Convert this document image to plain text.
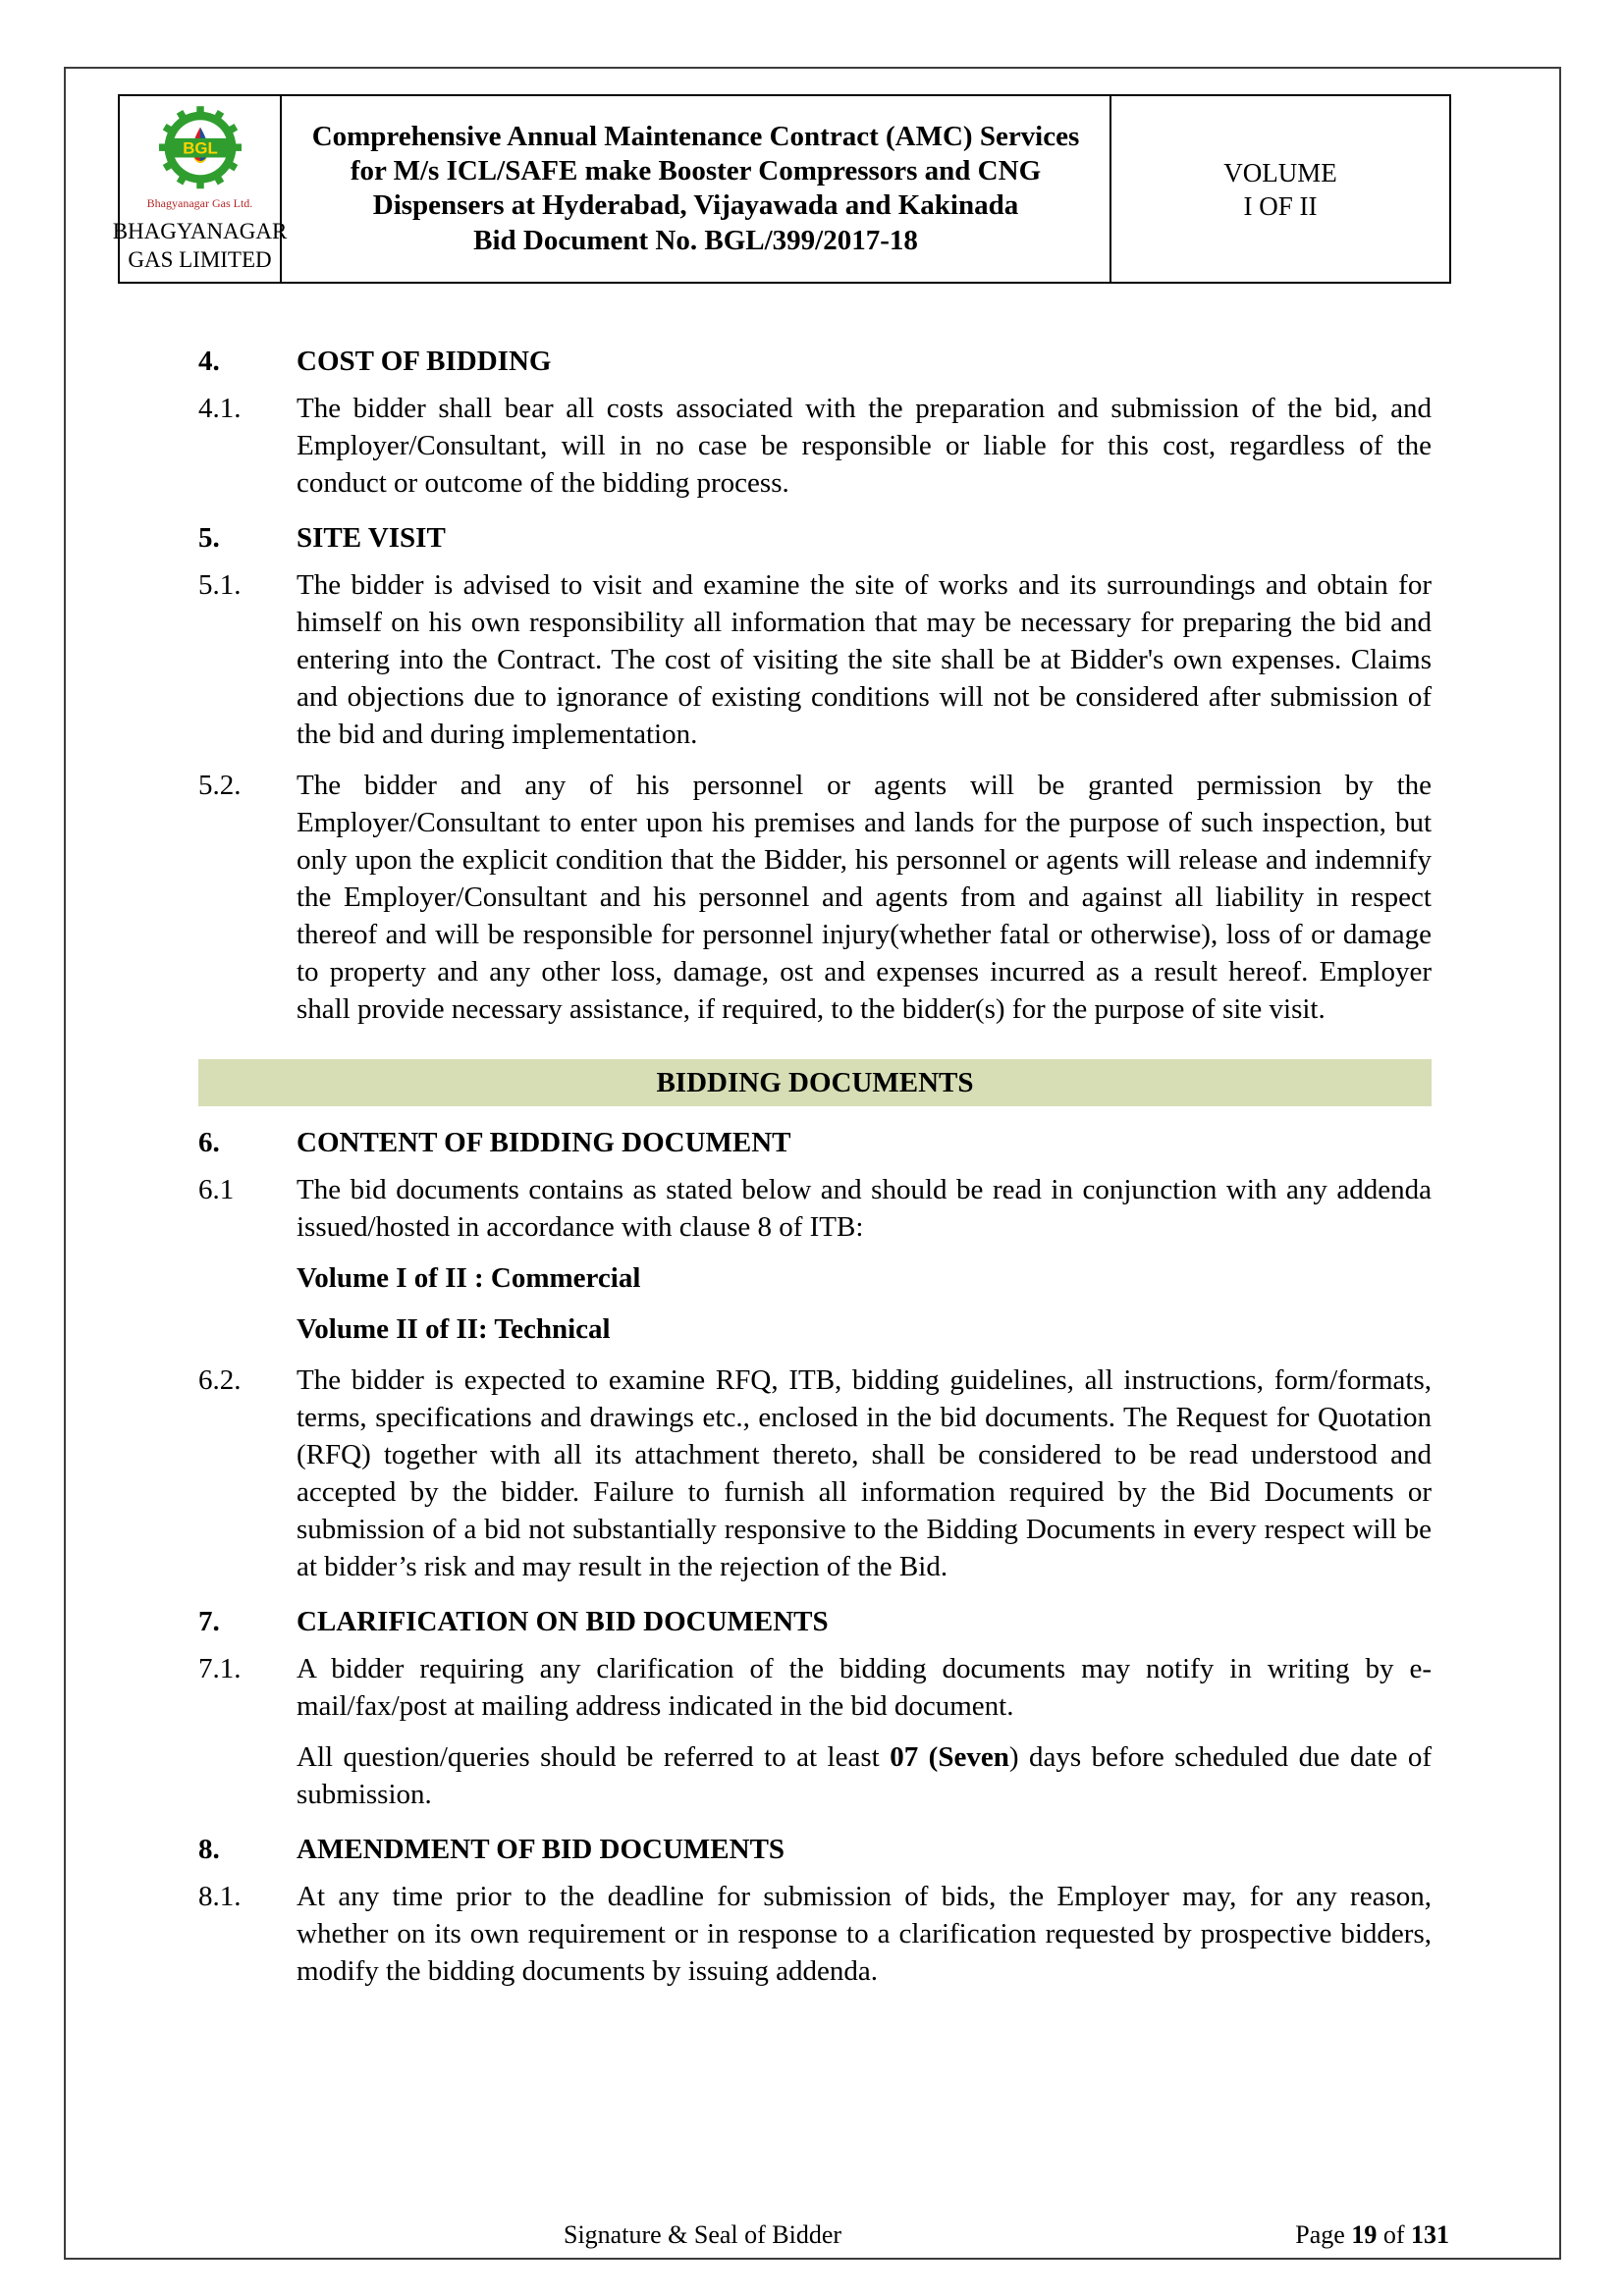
BGL
Bhagyanagar Gas Ltd.
BHAGYANAGAR
GAS LIMITED
Comprehensive Annual Maintenance Contract (AMC) Services for M/s ICL/SAFE make Booster Compressors and CNG Dispensers at Hyderabad, Vijayawada and Kakinada
Bid Document No. BGL/399/2017-18
VOLUME
I OF II
4.	COST OF BIDDING
4.1.	The bidder shall bear all costs associated with the preparation and submission of the bid, and Employer/Consultant, will in no case be responsible or liable for this cost, regardless of the conduct or outcome of the bidding process.
5.	SITE VISIT
5.1.	The bidder is advised to visit and examine the site of works and its surroundings and obtain for himself on his own responsibility all information that may be necessary for preparing the bid and entering into the Contract. The cost of visiting the site shall be at Bidder's own expenses. Claims and objections due to ignorance of existing conditions will not be considered after submission of the bid and during implementation.
5.2.	The bidder and any of his personnel or agents will be granted permission by the Employer/Consultant to enter upon his premises and lands for the purpose of such inspection, but only upon the explicit condition that the Bidder, his personnel or agents will release and indemnify the Employer/Consultant and his personnel and agents from and against all liability in respect thereof and will be responsible for personnel injury(whether fatal or otherwise), loss of or damage to property and any other loss, damage, ost and expenses incurred as a result hereof. Employer shall provide necessary assistance, if required, to the bidder(s) for the purpose of site visit.
BIDDING DOCUMENTS
6.	CONTENT OF BIDDING DOCUMENT
6.1	The bid documents contains as stated below and should be read in conjunction with any addenda issued/hosted in accordance with clause 8 of ITB:
Volume I of II : Commercial
Volume II of II: Technical
6.2.	The bidder is expected to examine RFQ, ITB, bidding guidelines, all instructions, form/formats, terms, specifications and drawings etc., enclosed in the bid documents. The Request for Quotation (RFQ) together with all its attachment thereto, shall be considered to be read understood and accepted by the bidder. Failure to furnish all information required by the Bid Documents or submission of a bid not substantially responsive to the Bidding Documents in every respect will be at bidder’s risk and may result in the rejection of the Bid.
7.	CLARIFICATION ON BID DOCUMENTS
7.1.	A bidder requiring any clarification of the bidding documents may notify in writing by e-mail/fax/post at mailing address indicated in the bid document.
All question/queries should be referred to at least 07 (Seven) days before scheduled due date of submission.
8.	AMENDMENT OF BID DOCUMENTS
8.1.	At any time prior to the deadline for submission of bids, the Employer may, for any reason, whether on its own requirement or in response to a clarification requested by prospective bidders, modify the bidding documents by issuing addenda.
Signature & Seal of Bidder	Page 19 of 131
